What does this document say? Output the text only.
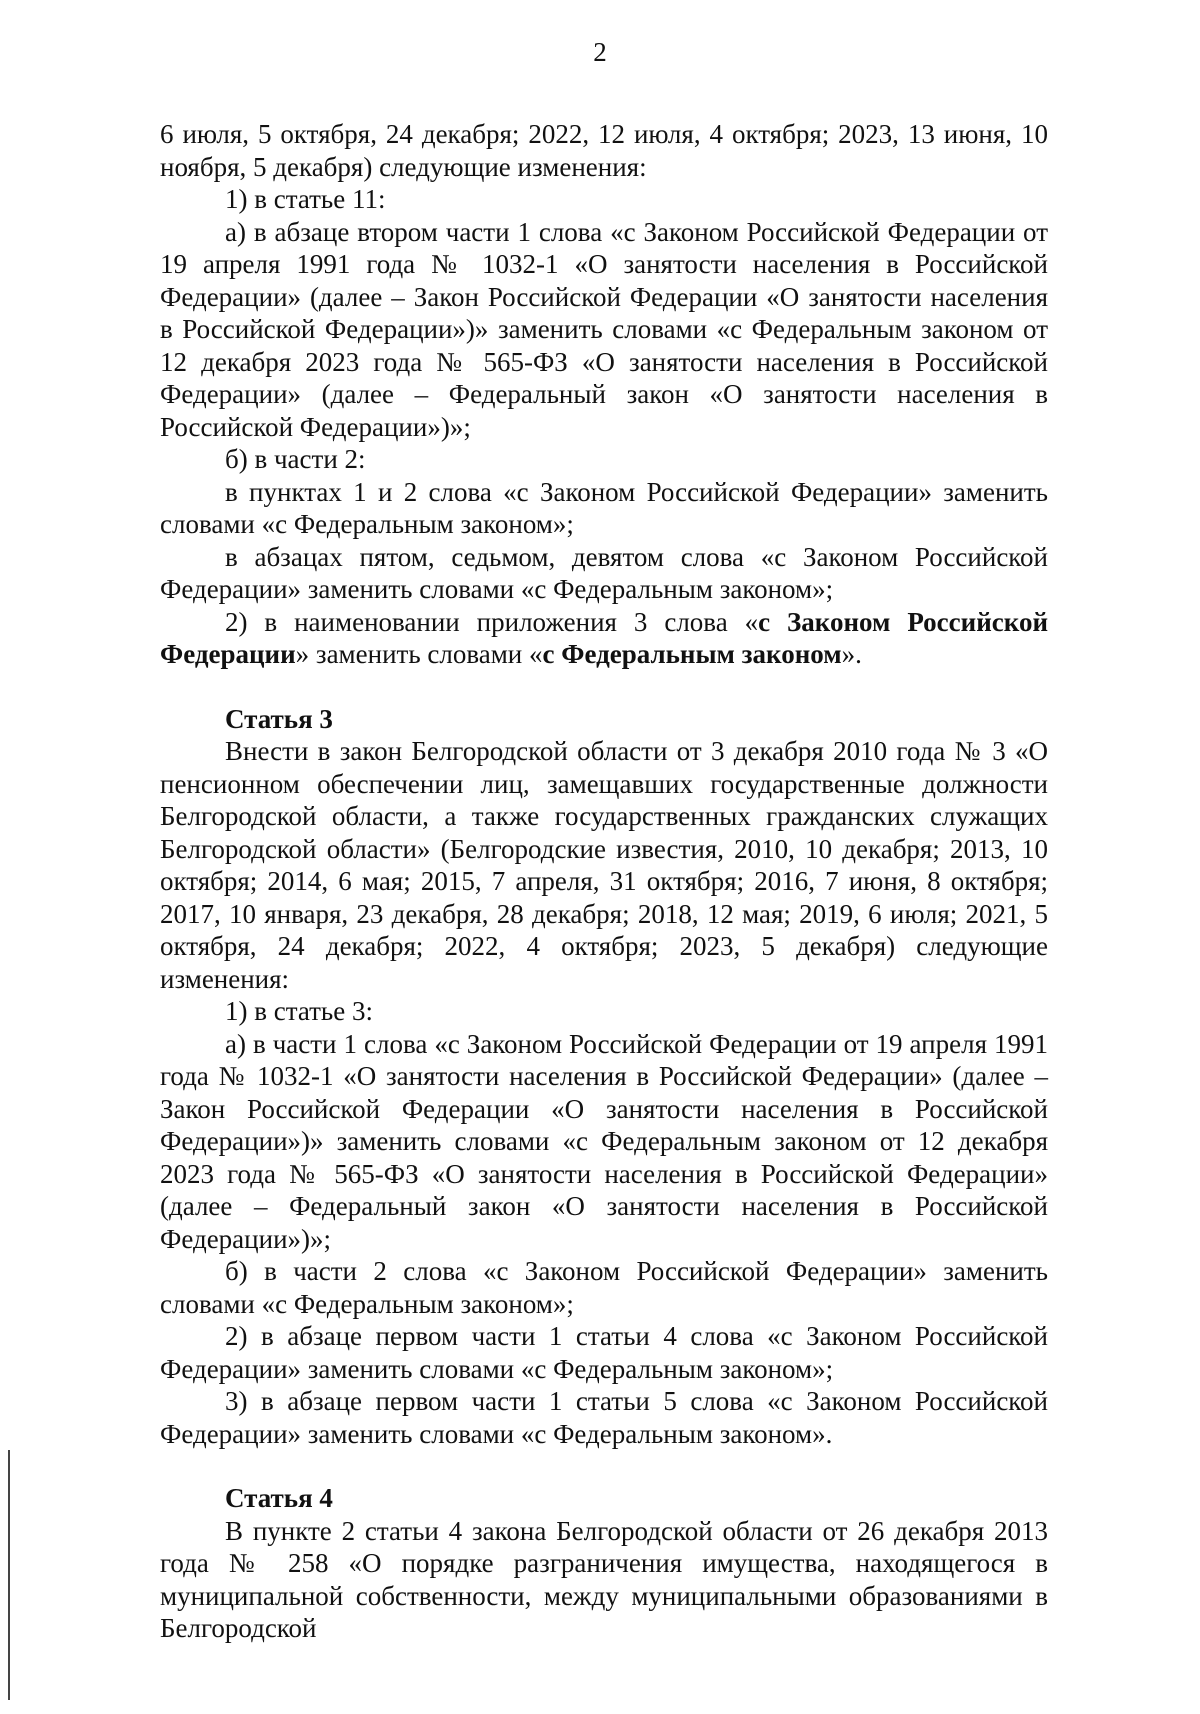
2

6 июля, 5 октября, 24 декабря; 2022, 12 июля, 4 октября; 2023, 13 июня, 10 ноября, 5 декабря) следующие изменения:

1) в статье 11:

а) в абзаце втором части 1 слова «с Законом Российской Федерации от 19 апреля 1991 года № 1032-1 «О занятости населения в Российской Федерации» (далее – Закон Российской Федерации «О занятости населения в Российской Федерации»)» заменить словами «с Федеральным законом от 12 декабря 2023 года № 565-ФЗ «О занятости населения в Российской Федерации» (далее – Федеральный закон «О занятости населения в Российской Федерации»)»;

б) в части 2:

в пунктах 1 и 2 слова «с Законом Российской Федерации» заменить словами «с Федеральным законом»;

в абзацах пятом, седьмом, девятом слова «с Законом Российской Федерации» заменить словами «с Федеральным законом»;

2) в наименовании приложения 3 слова «с Законом Российской Федерации» заменить словами «с Федеральным законом».

Статья 3

Внести в закон Белгородской области от 3 декабря 2010 года № 3 «О пенсионном обеспечении лиц, замещавших государственные должности Белгородской области, а также государственных гражданских служащих Белгородской области» (Белгородские известия, 2010, 10 декабря; 2013, 10 октября; 2014, 6 мая; 2015, 7 апреля, 31 октября; 2016, 7 июня, 8 октября; 2017, 10 января, 23 декабря, 28 декабря; 2018, 12 мая; 2019, 6 июля; 2021, 5 октября, 24 декабря; 2022, 4 октября; 2023, 5 декабря) следующие изменения:

1) в статье 3:

а) в части 1 слова «с Законом Российской Федерации от 19 апреля 1991 года № 1032-1 «О занятости населения в Российской Федерации» (далее – Закон Российской Федерации «О занятости населения в Российской Федерации»)» заменить словами «с Федеральным законом от 12 декабря 2023 года № 565-ФЗ «О занятости населения в Российской Федерации» (далее – Федеральный закон «О занятости населения в Российской Федерации»)»;

б) в части 2 слова «с Законом Российской Федерации» заменить словами «с Федеральным законом»;

2) в абзаце первом части 1 статьи 4 слова «с Законом Российской Федерации» заменить словами «с Федеральным законом»;

3) в абзаце первом части 1 статьи 5 слова «с Законом Российской Федерации» заменить словами «с Федеральным законом».

Статья 4

В пункте 2 статьи 4 закона Белгородской области от 26 декабря 2013 года № 258 «О порядке разграничения имущества, находящегося в муниципальной собственности, между муниципальными образованиями в Белгородской
